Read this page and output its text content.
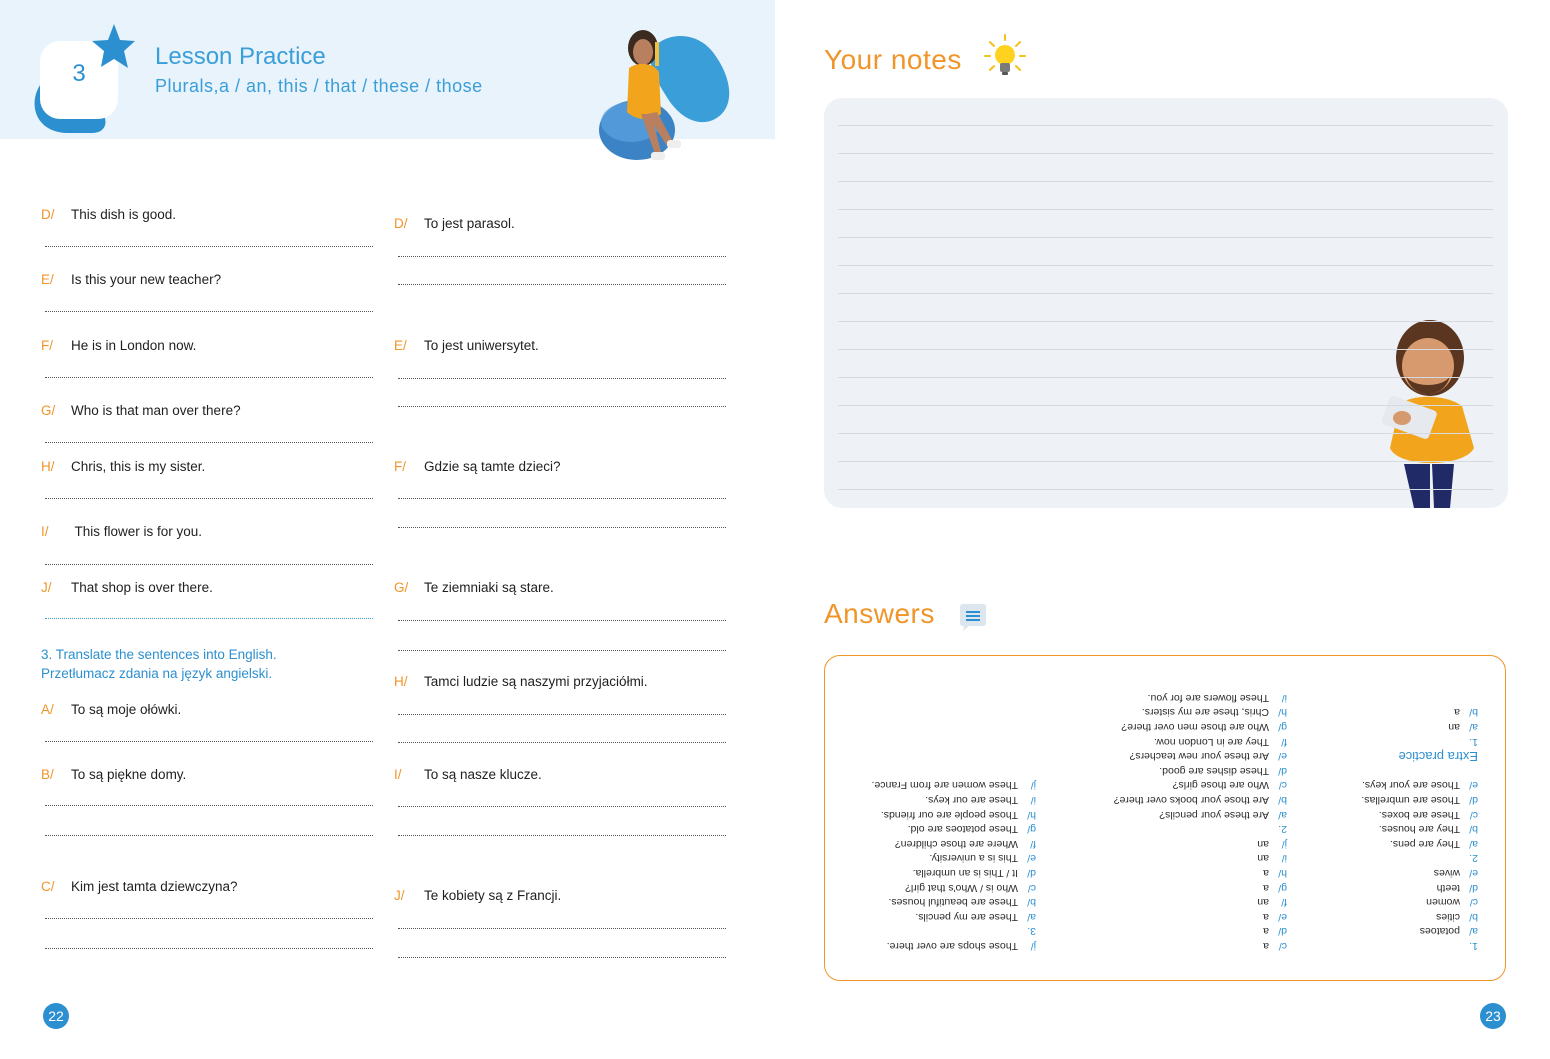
3
Lesson Practice
Plurals,a / an, this / that / these / those
3. Translate the sentences into English.
Przetłumacz zdania na język angielski.
22
Your notes
Answers
1.
a/potatoes
b/cities
c/women
d/teeth
e/wives
2.
a/They are pens.
b/They are houses.
c/These are boxes.
d/Those are umbrellas.
e/Those are your keys.
Extra practice
1.
a/an
b/a
c/a
d/a
e/a
f/an
g/a
h/a
i/an
j/an
2.
a/Are these your pencils?
b/Are those your books over there?
c/Who are those girls?
d/These dishes are good.
e/Are these your new teachers?
f/They are in London now.
g/Who are those men over there?
h/Chris, these are my sisters.
i/These flowers are for you.
j/Those shops are over there.
3.
a/These are my pencils.
b/These are beautiful houses.
c/Who is / Who's that girl?
d/It / This is an umbrella.
e/This is a university.
f/Where are those children?
g/These potatoes are old.
h/Those people are our friends.
i/These are our keys.
j/These women are from France.
23
D/ This dish is good.
E/ Is this your new teacher?
F/ He is in London now.
G/ Who is that man over there?
H/ Chris, this is my sister.
I/ This flower is for you.
J/ That shop is over there.
A/ To są moje ołówki.
B/ To są piękne domy.
C/ Kim jest tamta dziewczyna?
D/ To jest parasol.
E/ To jest uniwersytet.
F/ Gdzie są tamte dzieci?
G/ Te ziemniaki są stare.
H/ Tamci ludzie są naszymi przyjaciółmi.
I/ To są nasze klucze.
J/ Te kobiety są z Francji.
